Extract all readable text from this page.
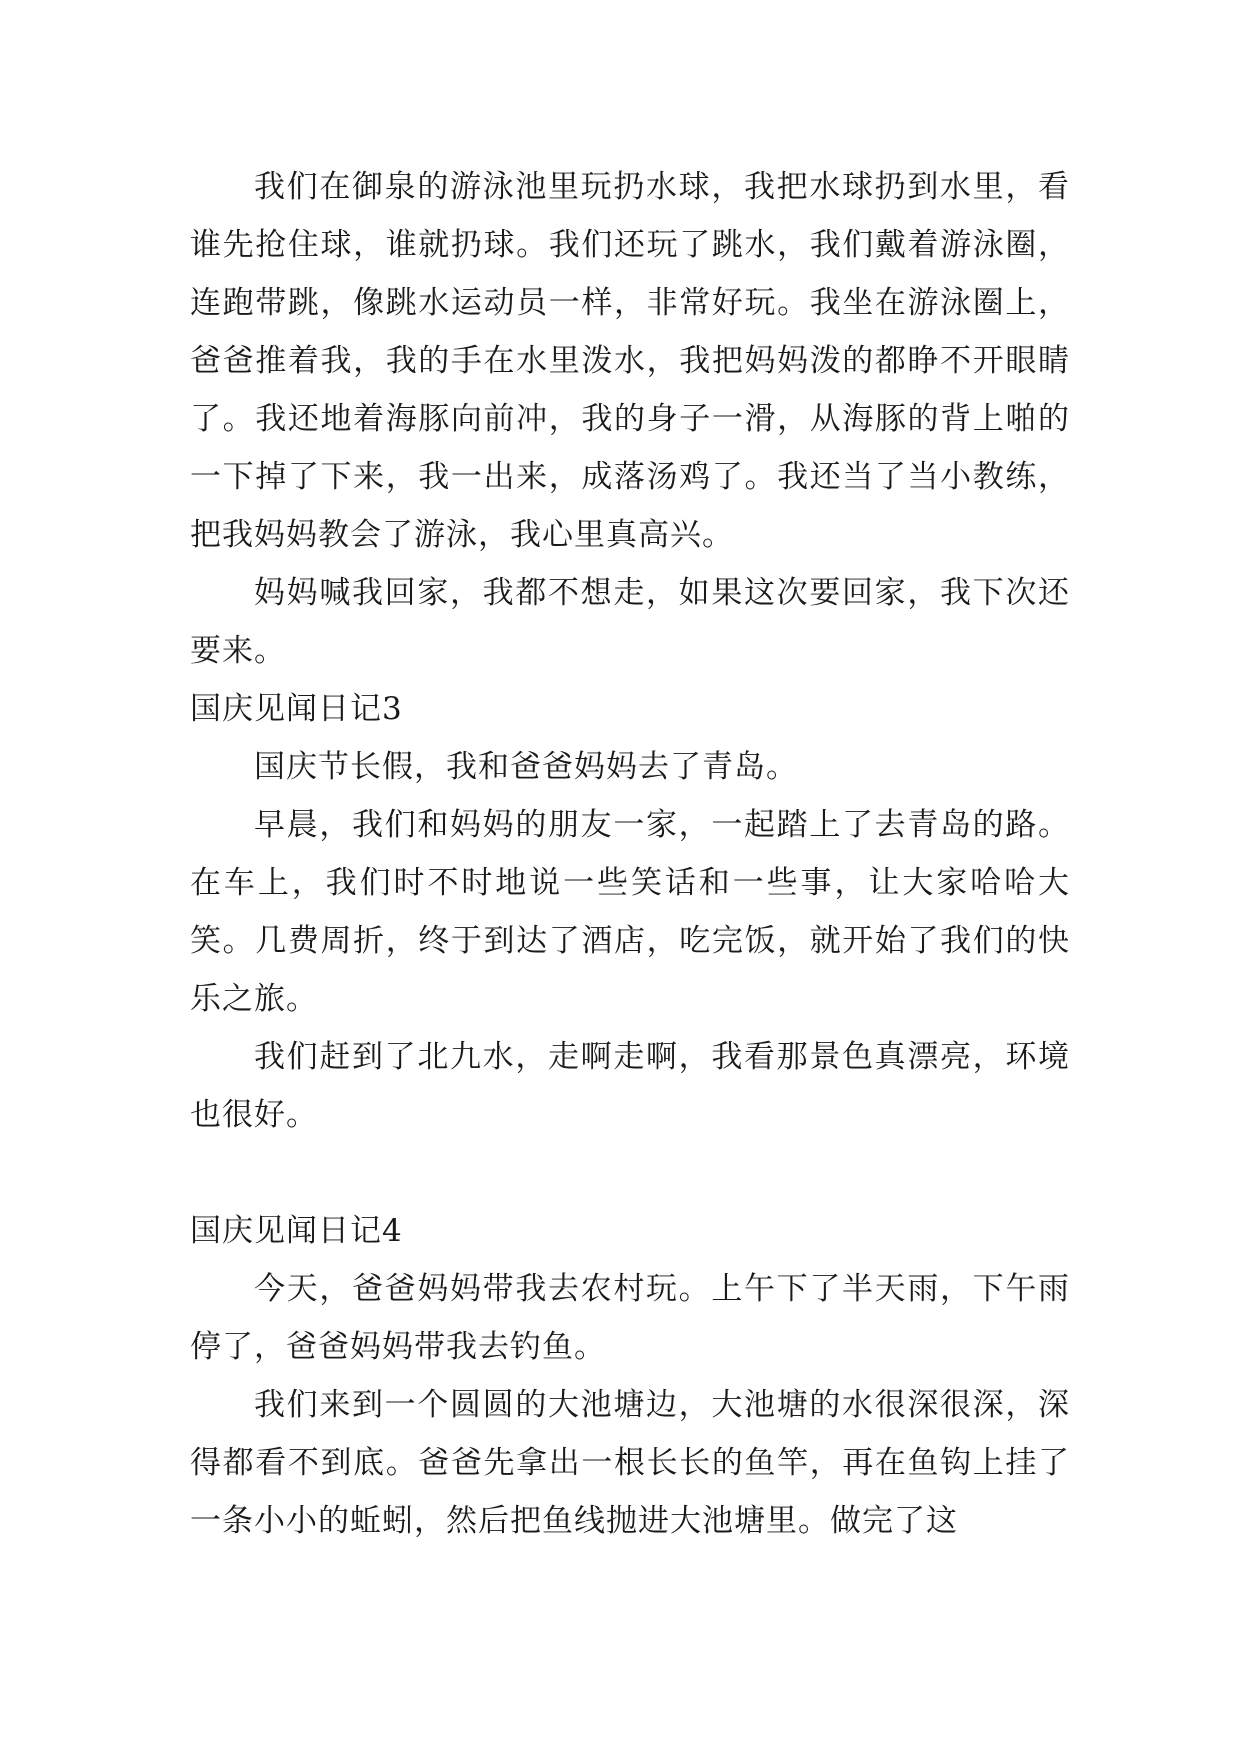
我们在御泉的游泳池里玩扔水球，我把水球扔到水里，看谁先抢住球，谁就扔球。我们还玩了跳水，我们戴着游泳圈，连跑带跳，像跳水运动员一样，非常好玩。我坐在游泳圈上，爸爸推着我，我的手在水里泼水，我把妈妈泼的都睁不开眼睛了。我还地着海豚向前冲，我的身子一滑，从海豚的背上啪的一下掉了下来，我一出来，成落汤鸡了。我还当了当小教练，把我妈妈教会了游泳，我心里真高兴。

妈妈喊我回家，我都不想走，如果这次要回家，我下次还要来。

国庆见闻日记3

国庆节长假，我和爸爸妈妈去了青岛。

早晨，我们和妈妈的朋友一家，一起踏上了去青岛的路。在车上，我们时不时地说一些笑话和一些事，让大家哈哈大笑。几费周折，终于到达了酒店，吃完饭，就开始了我们的快乐之旅。

我们赶到了北九水，走啊走啊，我看那景色真漂亮，环境也很好。

国庆见闻日记4

今天，爸爸妈妈带我去农村玩。上午下了半天雨，下午雨停了，爸爸妈妈带我去钓鱼。

我们来到一个圆圆的大池塘边，大池塘的水很深很深，深得都看不到底。爸爸先拿出一根长长的鱼竿，再在鱼钩上挂了一条小小的蚯蚓，然后把鱼线抛进大池塘里。做完了这
